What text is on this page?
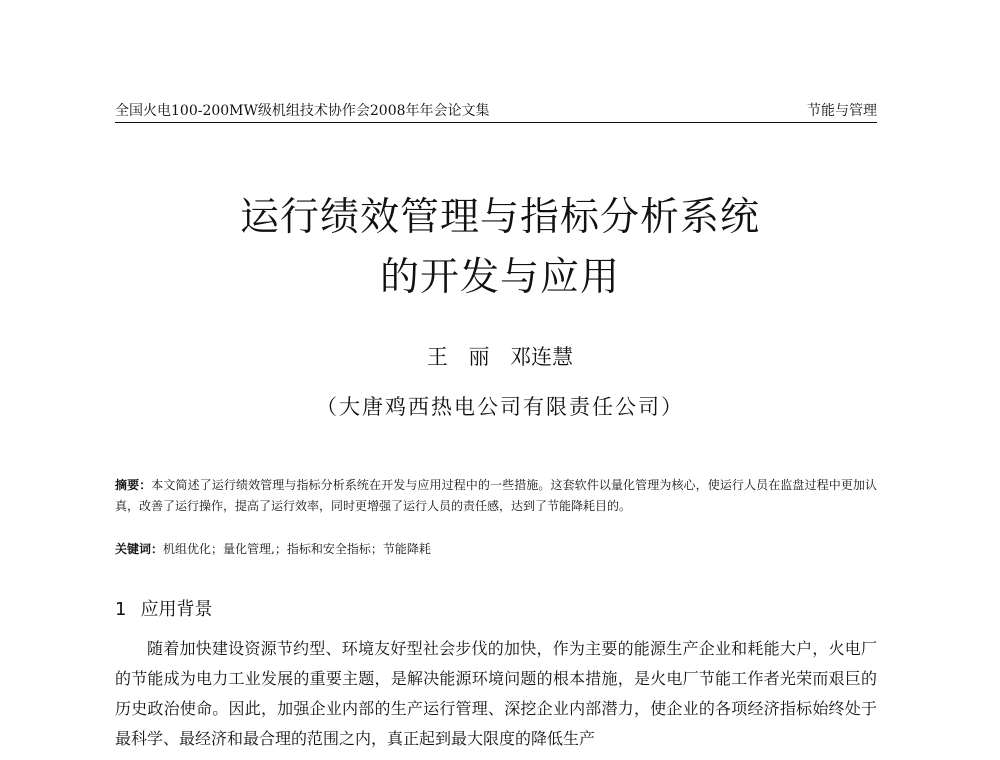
全国火电100-200MW级机组技术协作会2008年年会论文集	节能与管理
运行绩效管理与指标分析系统
的开发与应用
王 丽 邓连慧
（大唐鸡西热电公司有限责任公司）

摘要：本文简述了运行绩效管理与指标分析系统在开发与应用过程中的一些措施。这套软件以量化管理为核心，使运行人员在监盘过程中更加认真，改善了运行操作，提高了运行效率，同时更增强了运行人员的责任感，达到了节能降耗目的。

关键词：机组优化；量化管理,；指标和安全指标；节能降耗

1 应用背景

随着加快建设资源节约型、环境友好型社会步伐的加快，作为主要的能源生产企业和耗能大户，火电厂的节能成为电力工业发展的重要主题，是解决能源环境问题的根本措施，是火电厂节能工作者光荣而艰巨的历史政治使命。因此，加强企业内部的生产运行管理、深挖企业内部潜力，使企业的各项经济指标始终处于最科学、最经济和最合理的范围之内，真正起到最大限度的降低生产
